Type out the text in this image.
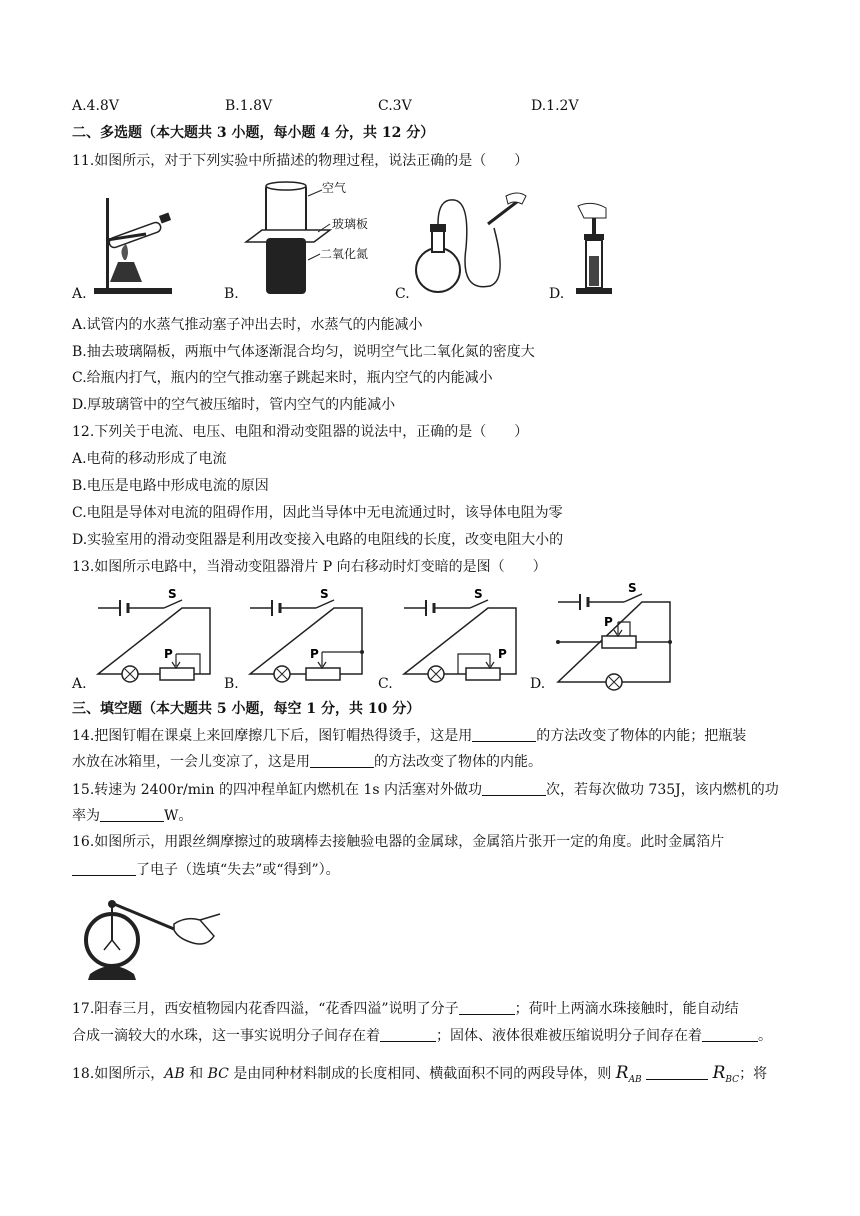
A.4.8V	B.1.8V	C.3V	D.1.2V
二、多选题（本大题共 3 小题，每小题 4 分，共 12 分）
11.如图所示，对于下列实验中所描述的物理过程，说法正确的是（　　）
A.	B.
空气
玻璃板
二氧化氮
C.	D.
A.试管内的水蒸气推动塞子冲出去时，水蒸气的内能减小
B.抽去玻璃隔板，两瓶中气体逐渐混合均匀，说明空气比二氧化氮的密度大
C.给瓶内打气，瓶内的空气推动塞子跳起来时，瓶内空气的内能减小
D.厚玻璃管中的空气被压缩时，管内空气的内能减小
12.下列关于电流、电压、电阻和滑动变阻器的说法中，正确的是（　　）
A.电荷的移动形成了电流
B.电压是电路中形成电流的原因
C.电阻是导体对电流的阻碍作用，因此当导体中无电流通过时，该导体电阻为零
D.实验室用的滑动变阻器是利用改变接入电路的电阻线的长度，改变电阻大小的
13.如图所示电路中，当滑动变阻器滑片 P 向右移动时灯变暗的是图（　　）
A.
S
P
B.
S
P
C.
S
P
D.
S
P
三、填空题（本大题共 5 小题，每空 1 分，共 10 分）
14.把图钉帽在课桌上来回摩擦几下后，图钉帽热得烫手，这是用	的方法改变了物体的内能；把瓶装
水放在冰箱里，一会儿变凉了，这是用	的方法改变了物体的内能。
15.转速为 2400r/min 的四冲程单缸内燃机在 1s 内活塞对外做功	次，若每次做功 735J，该内燃机的功
率为	W。
16.如图所示，用跟丝绸摩擦过的玻璃棒去接触验电器的金属球，金属箔片张开一定的角度。此时金属箔片
了电子（选填“失去”或“得到”）。
17.阳春三月，西安植物园内花香四溢，“花香四溢”说明了分子	；荷叶上两滴水珠接触时，能自动结
合成一滴较大的水珠，这一事实说明分子间存在着	；固体、液体很难被压缩说明分子间存在着	。
18.如图所示，AB 和 BC 是由同种材料制成的长度相同、横截面积不同的两段导体，则 $R_{AB}$	$R_{BC}$；将
